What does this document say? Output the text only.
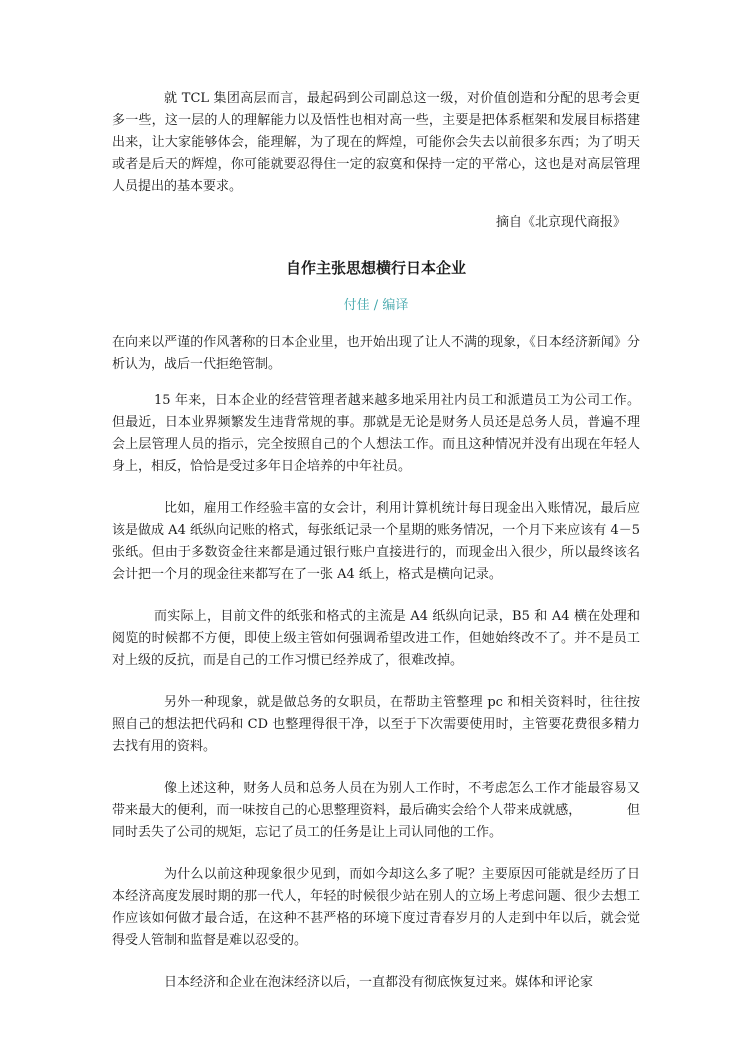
就 TCL 集团高层而言，最起码到公司副总这一级，对价值创造和分配的思考会更多一些，这一层的人的理解能力以及悟性也相对高一些，主要是把体系框架和发展目标搭建出来，让大家能够体会，能理解，为了现在的辉煌，可能你会失去以前很多东西；为了明天或者是后天的辉煌，你可能就要忍得住一定的寂寞和保持一定的平常心，这也是对高层管理人员提出的基本要求。

摘自《北京现代商报》

自作主张思想横行日本企业

付佳 / 编译

在向来以严谨的作风著称的日本企业里，也开始出现了让人不满的现象，《日本经济新闻》分析认为，战后一代拒绝管制。

15 年来，日本企业的经营管理者越来越多地采用社内员工和派遣员工为公司工作。但最近，日本业界频繁发生违背常规的事。那就是无论是财务人员还是总务人员，普遍不理会上层管理人员的指示，完全按照自己的个人想法工作。而且这种情况并没有出现在年轻人身上，相反，恰恰是受过多年日企培养的中年社员。

比如，雇用工作经验丰富的女会计，利用计算机统计每日现金出入账情况，最后应该是做成 A4 纸纵向记账的格式，每张纸记录一个星期的账务情况，一个月下来应该有 4－5 张纸。但由于多数资金往来都是通过银行账户直接进行的，而现金出入很少，所以最终该名会计把一个月的现金往来都写在了一张 A4 纸上，格式是横向记录。

而实际上，目前文件的纸张和格式的主流是 A4 纸纵向记录，B5 和 A4 横在处理和阅览的时候都不方便，即使上级主管如何强调希望改进工作，但她始终改不了。并不是员工对上级的反抗，而是自己的工作习惯已经养成了，很难改掉。

另外一种现象，就是做总务的女职员，在帮助主管整理 pc 和相关资料时，往往按照自己的想法把代码和 CD 也整理得很干净，以至于下次需要使用时，主管要花费很多精力去找有用的资料。

像上述这种，财务人员和总务人员在为别人工作时，不考虑怎么工作才能最容易又带来最大的便利，而一味按自己的心思整理资料，最后确实会给个人带来成就感，　　　　但同时丢失了公司的规矩，忘记了员工的任务是让上司认同他的工作。

为什么以前这种现象很少见到，而如今却这么多了呢？主要原因可能就是经历了日本经济高度发展时期的那一代人，年轻的时候很少站在别人的立场上考虑问题、很少去想工作应该如何做才最合适，在这种不甚严格的环境下度过青春岁月的人走到中年以后，就会觉得受人管制和监督是难以忍受的。

日本经济和企业在泡沫经济以后，一直都没有彻底恢复过来。媒体和评论家
